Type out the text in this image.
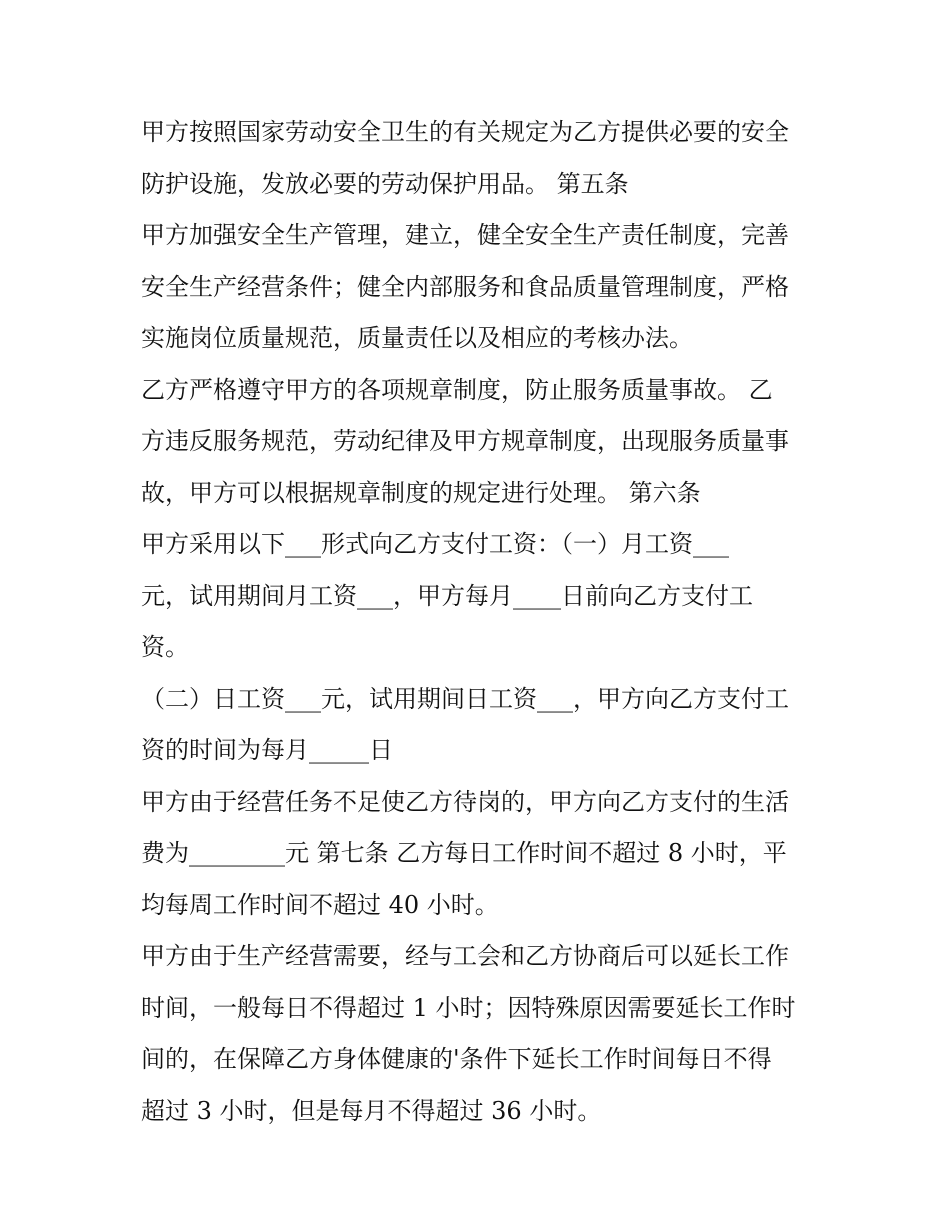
甲方按照国家劳动安全卫生的有关规定为乙方提供必要的安全
防护设施，发放必要的劳动保护用品。 第五条

甲方加强安全生产管理，建立，健全安全生产责任制度，完善
安全生产经营条件；健全内部服务和食品质量管理制度，严格
实施岗位质量规范，质量责任以及相应的考核办法。

乙方严格遵守甲方的各项规章制度，防止服务质量事故。 乙
方违反服务规范，劳动纪律及甲方规章制度，出现服务质量事
故，甲方可以根据规章制度的规定进行处理。 第六条

甲方采用以下___形式向乙方支付工资：（一）月工资___
元，试用期间月工资___，甲方每月____日前向乙方支付工
资。

（二）日工资___元，试用期间日工资___，甲方向乙方支付工
资的时间为每月_____日

甲方由于经营任务不足使乙方待岗的，甲方向乙方支付的生活
费为________元 第七条 乙方每日工作时间不超过 8 小时，平
均每周工作时间不超过 40 小时。

甲方由于生产经营需要，经与工会和乙方协商后可以延长工作
时间，一般每日不得超过 1 小时；因特殊原因需要延长工作时
间的，在保障乙方身体健康的'条件下延长工作时间每日不得
超过 3 小时，但是每月不得超过 36 小时。
